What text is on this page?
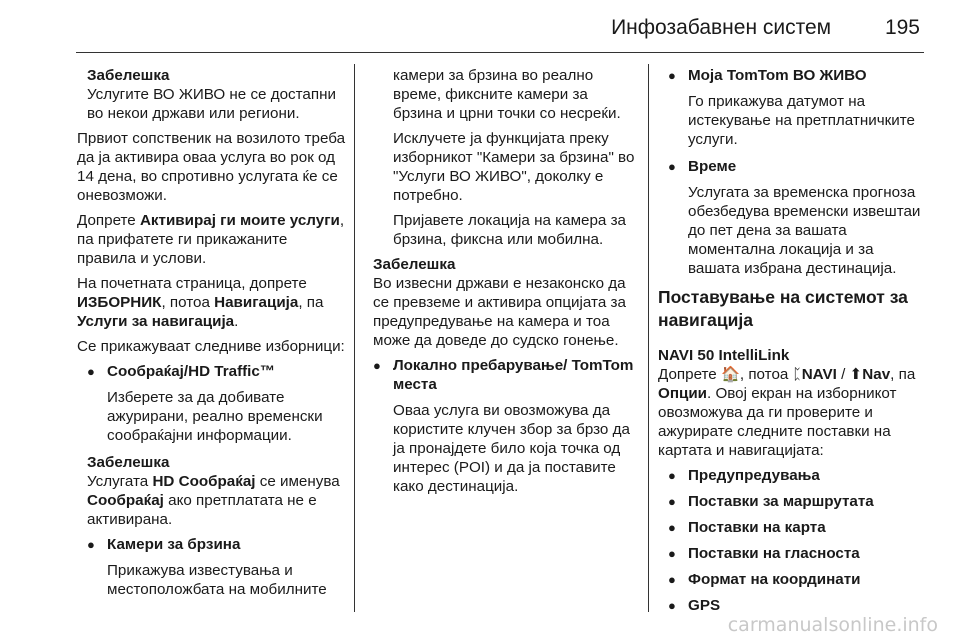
Инфозабавнен систем	195
Забелешка
Услугите ВО ЖИВО не се достапни во некои држави или региони.

Првиот сопственик на возилото треба да ја активира оваа услуга во рок од 14 дена, во спротивно услугата ќе се оневозможи.

Допрете Активирај ги моите услуги, па прифатете ги прикажаните правила и услови.

На почетната страница, допрете ИЗБОРНИК, потоа Навигација, па Услуги за навигација.

Се прикажуваат следниве изборници:

● Сообраќај/HD Traffic™
Изберете за да добивате ажурирани, реално временски сообраќајни информации.
Забелешка
Услугата HD Сообраќај се именува Сообраќај ако претплатата не е активирана.
● Камери за брзина
Прикажува известувања и местоположбата на мобилните
камери за брзина во реално време, фиксните камери за брзина и црни точки со несреќи.
Исклучете ја функцијата преку изборникот "Камери за брзина" во "Услуги ВО ЖИВО", доколку е потребно.
Пријавете локација на камера за брзина, фиксна или мобилна.
Забелешка
Во извесни држави е незаконско да се превземе и активира опцијата за предупредување на камера и тоа може да доведе до судско гонење.
● Локално пребарување/ TomTom места
Оваа услуга ви овозможува да користите клучен збор за брзо да ја пронајдете било која точка од интерес (POI) и да ја поставите како дестинација.
● Моја TomTom ВО ЖИВО
Го прикажува датумот на истекување на претплатничките услуги.
● Време
Услугата за временска прогноза обезбедува временски извештаи до пет дена за вашата моментална локација и за вашата избрана дестинација.
Поставување на системот за навигација
NAVI 50 IntelliLink

Допрете 🏠, потоа ᛈNAVI / ⬆Nav, па Опции. Овој екран на изборникот овозможува да ги проверите и ажурирате следните поставки на картата и навигацијата:

● Предупредувања
● Поставки за маршрутата
● Поставки на карта
● Поставки на гласноста
● Формат на координати
● GPS
carmanualsonline.info
